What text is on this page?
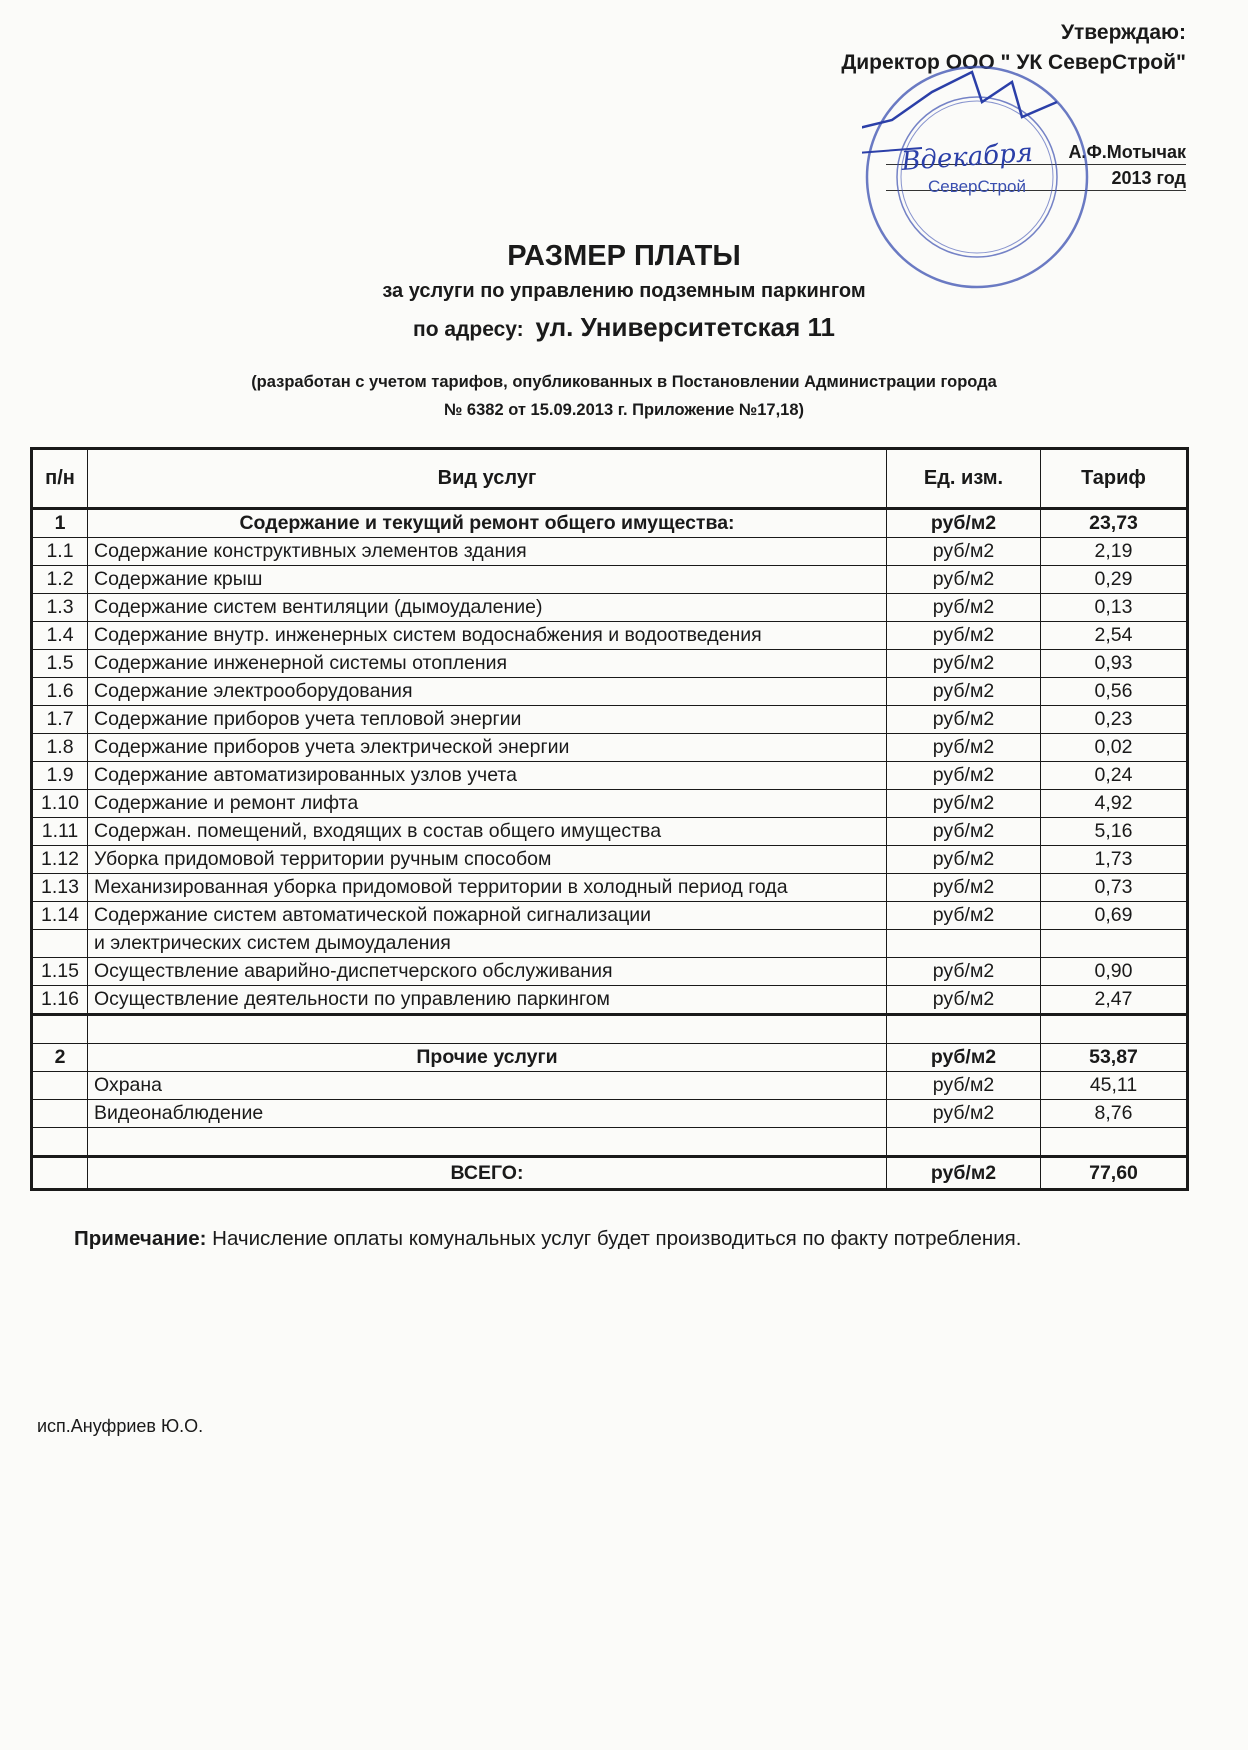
Утверждаю:
Директор ООО " УК СеверСтрой"
А.Ф.Мотычак
2013 год
СеверСтрой
Вдекабря
РАЗМЕР ПЛАТЫ
за услуги по управлению подземным паркингом
по адресу: ул. Университетская 11
(разработан с учетом тарифов, опубликованных в Постановлении Администрации города
№ 6382 от 15.09.2013 г. Приложение №17,18)
п/н	Вид услуг	Ед. изм.	Тариф
1	Содержание и текущий ремонт общего имущества:	руб/м2	23,73
1.1	Содержание конструктивных элементов здания	руб/м2	2,19
1.2	Содержание крыш	руб/м2	0,29
1.3	Содержание систем вентиляции (дымоудаление)	руб/м2	0,13
1.4	Содержание внутр. инженерных систем водоснабжения и водоотведения	руб/м2	2,54
1.5	Содержание инженерной системы отопления	руб/м2	0,93
1.6	Содержание электрооборудования	руб/м2	0,56
1.7	Содержание приборов учета тепловой энергии	руб/м2	0,23
1.8	Содержание приборов учета электрической энергии	руб/м2	0,02
1.9	Содержание автоматизированных узлов учета	руб/м2	0,24
1.10	Содержание и ремонт лифта	руб/м2	4,92
1.11	Содержан. помещений, входящих в состав общего имущества	руб/м2	5,16
1.12	Уборка придомовой территории ручным способом	руб/м2	1,73
1.13	Механизированная уборка придомовой территории в холодный период года	руб/м2	0,73
1.14	Содержание систем автоматической пожарной сигнализации	руб/м2	0,69
	и электрических систем дымоудаления		
1.15	Осуществление аварийно-диспетчерского обслуживания	руб/м2	0,90
1.16	Осуществление деятельности по управлению паркингом	руб/м2	2,47

2	Прочие услуги	руб/м2	53,87
	Охрана	руб/м2	45,11
	Видеонаблюдение	руб/м2	8,76

	ВСЕГО:	руб/м2	77,60
Примечание: Начисление оплаты комунальных услуг будет производиться по факту потребления.
исп.Ануфриев Ю.О.
